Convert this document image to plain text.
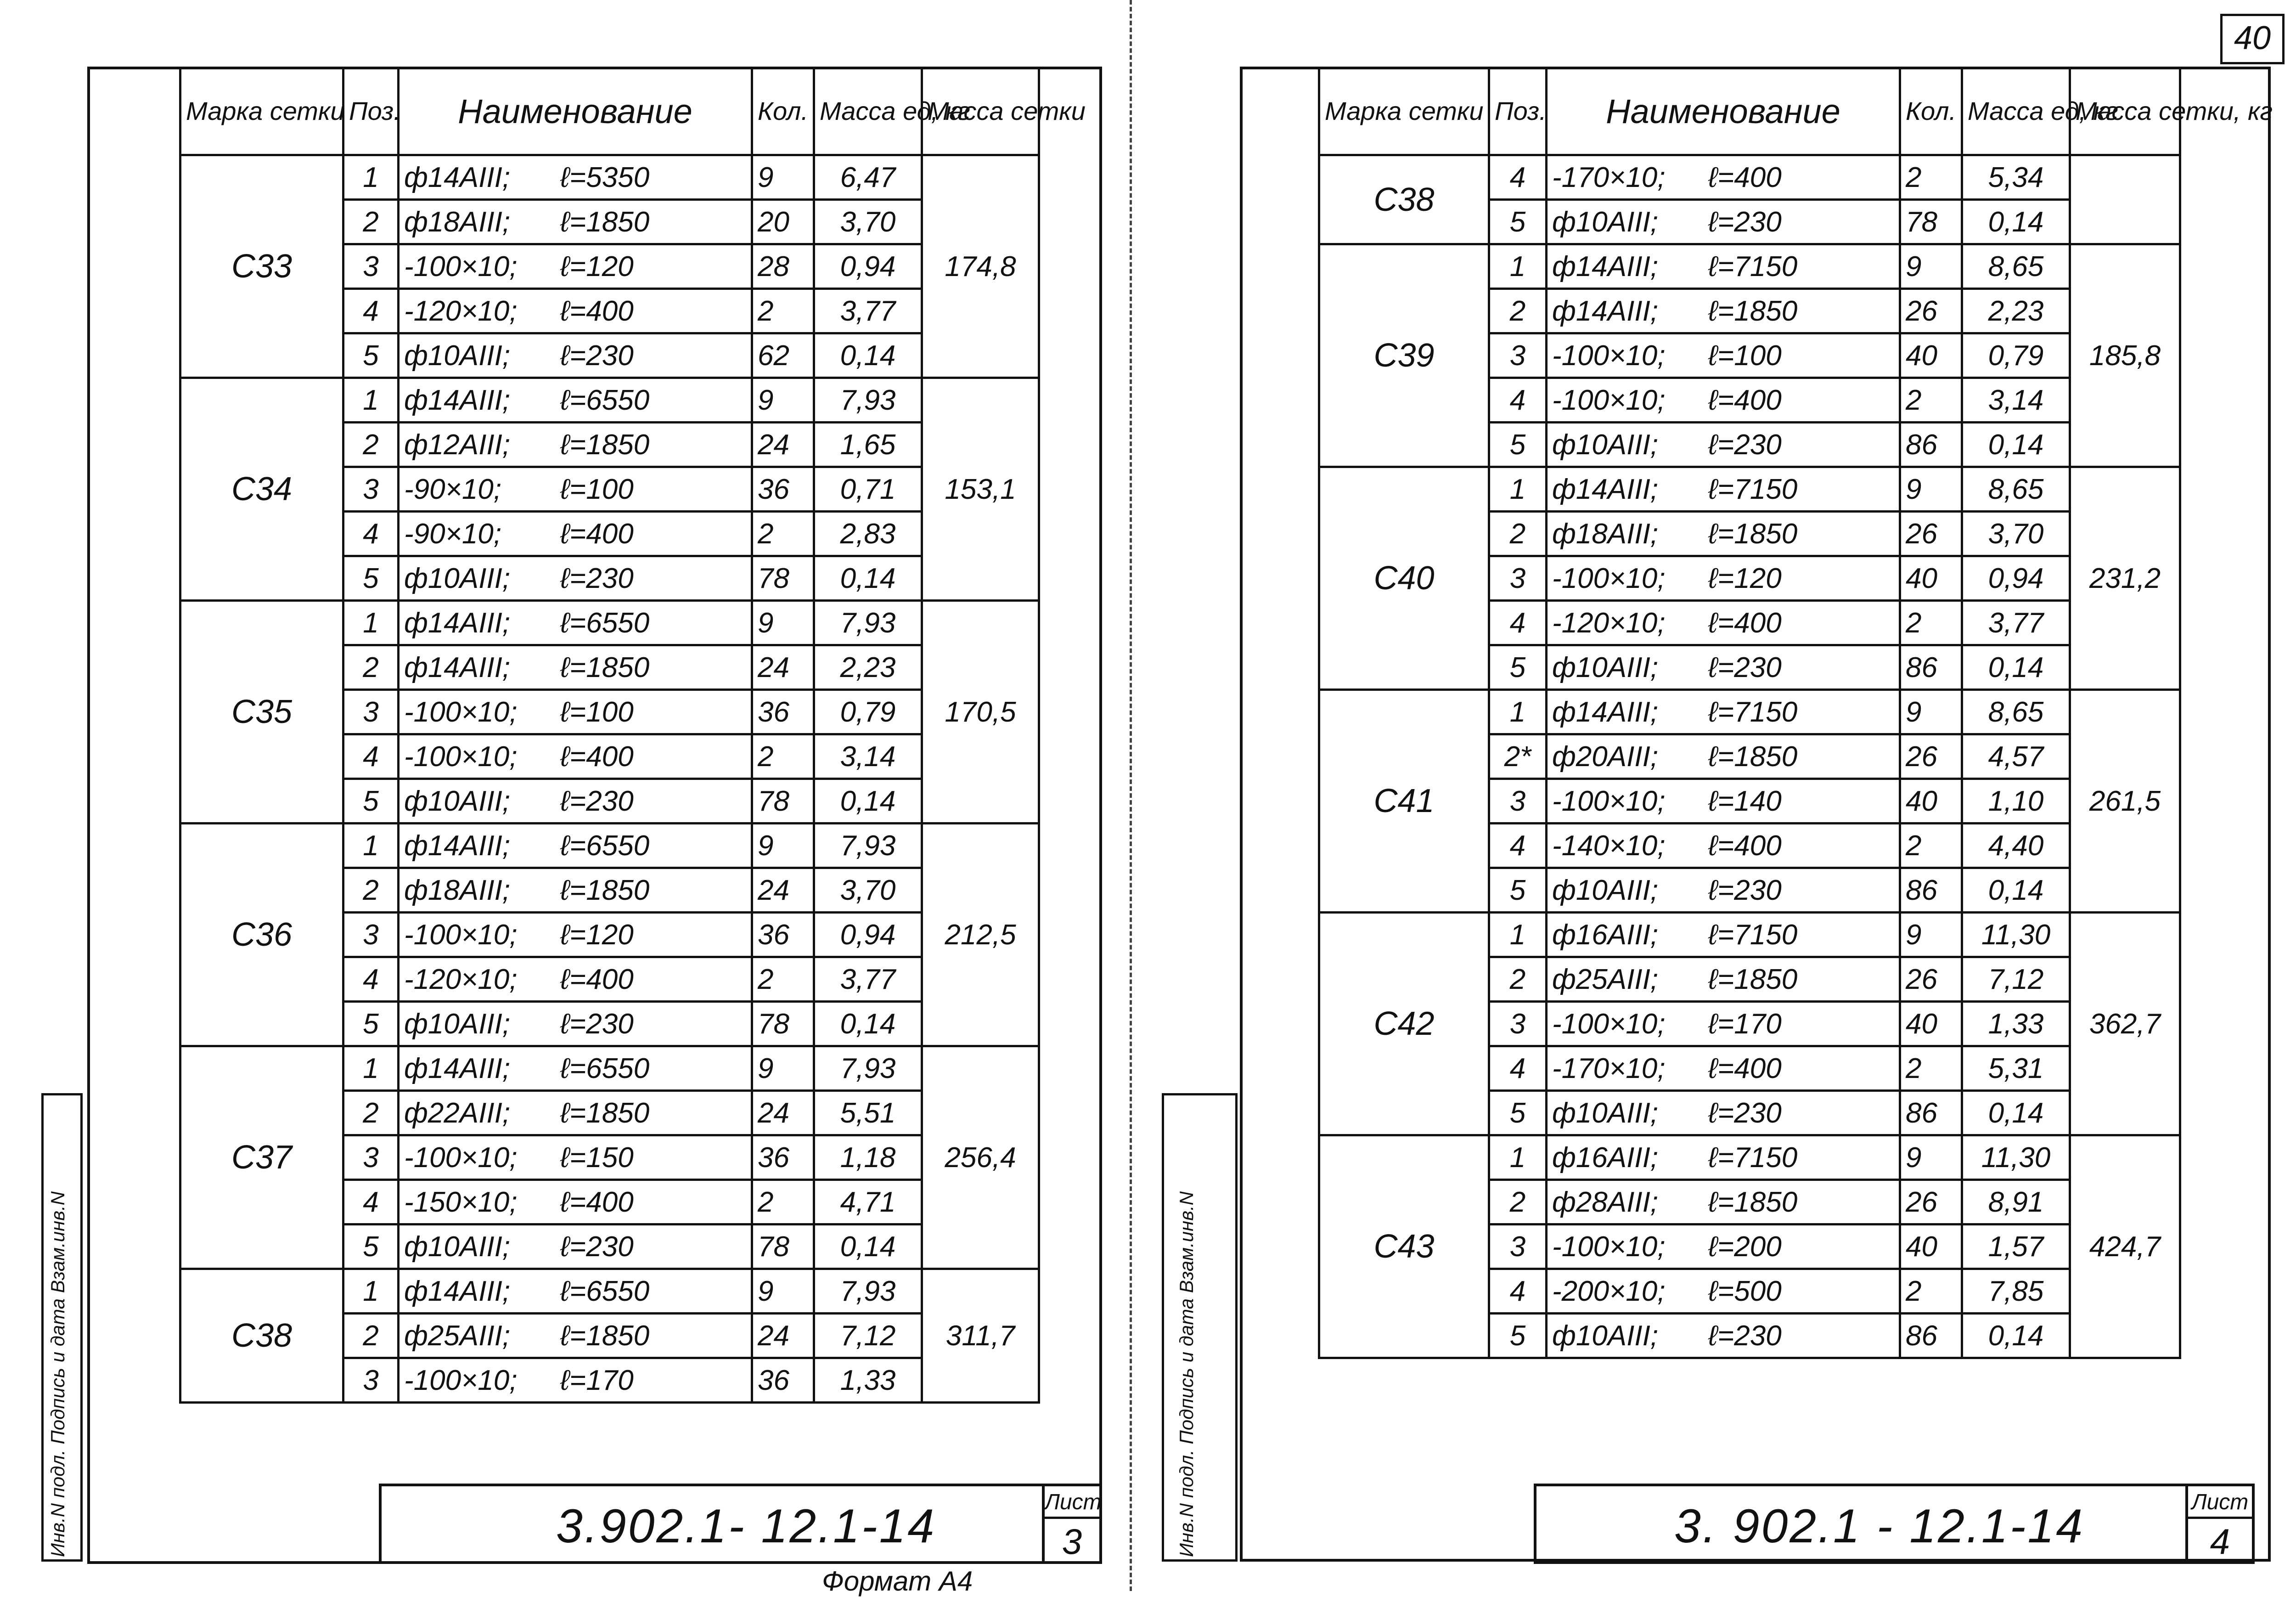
Марка сетки	Поз.	Наименование	Кол.	Масса ед, кг	Масса сетки
С33	1	ф14АIII; ℓ=5350	9	6,47	174,8
	2	ф18АIII; ℓ=1850	20	3,70	
	3	-100×10; ℓ=120	28	0,94	
	4	-120×10; ℓ=400	2	3,77	
	5	ф10АIII; ℓ=230	62	0,14	
С34	1	ф14АIII; ℓ=6550	9	7,93	153,1
	2	ф12АIII; ℓ=1850	24	1,65	
	3	-90×10; ℓ=100	36	0,71	
	4	-90×10; ℓ=400	2	2,83	
	5	ф10АIII; ℓ=230	78	0,14	
С35	1	ф14АIII; ℓ=6550	9	7,93	170,5
	2	ф14АIII; ℓ=1850	24	2,23	
	3	-100×10; ℓ=100	36	0,79	
	4	-100×10; ℓ=400	2	3,14	
	5	ф10АIII; ℓ=230	78	0,14	
С36	1	ф14АIII; ℓ=6550	9	7,93	212,5
	2	ф18АIII; ℓ=1850	24	3,70	
	3	-100×10; ℓ=120	36	0,94	
	4	-120×10; ℓ=400	2	3,77	
	5	ф10АIII; ℓ=230	78	0,14	
С37	1	ф14АIII; ℓ=6550	9	7,93	256,4
	2	ф22АIII; ℓ=1850	24	5,51	
	3	-100×10; ℓ=150	36	1,18	
	4	-150×10; ℓ=400	2	4,71	
	5	ф10АIII; ℓ=230	78	0,14	
С38	1	ф14АIII; ℓ=6550	9	7,93	311,7
	2	ф25АIII; ℓ=1850	24	7,12	
	3	-100×10; ℓ=170	36	1,33	
3.902.1- 12.1-14	Лист
3
Инв.N подл. Подпись и дата Взам.инв.N
Формат А4
40
Марка сетки	Поз.	Наименование	Кол.	Масса ед, кг	Масса сетки, кг
С38	4	-170×10; ℓ=400	2	5,34	
	5	ф10АIII; ℓ=230	78	0,14	
С39	1	ф14АIII; ℓ=7150	9	8,65	185,8
	2	ф14АIII; ℓ=1850	26	2,23	
	3	-100×10; ℓ=100	40	0,79	
	4	-100×10; ℓ=400	2	3,14	
	5	ф10АIII; ℓ=230	86	0,14	
С40	1	ф14АIII; ℓ=7150	9	8,65	231,2
	2	ф18АIII; ℓ=1850	26	3,70	
	3	-100×10; ℓ=120	40	0,94	
	4	-120×10; ℓ=400	2	3,77	
	5	ф10АIII; ℓ=230	86	0,14	
С41	1	ф14АIII; ℓ=7150	9	8,65	261,5
	2*	ф20АIII; ℓ=1850	26	4,57	
	3	-100×10; ℓ=140	40	1,10	
	4	-140×10; ℓ=400	2	4,40	
	5	ф10АIII; ℓ=230	86	0,14	
С42	1	ф16АIII; ℓ=7150	9	11,30	362,7
	2	ф25АIII; ℓ=1850	26	7,12	
	3	-100×10; ℓ=170	40	1,33	
	4	-170×10; ℓ=400	2	5,31	
	5	ф10АIII; ℓ=230	86	0,14	
С43	1	ф16АIII; ℓ=7150	9	11,30	424,7
	2	ф28АIII; ℓ=1850	26	8,91	
	3	-100×10; ℓ=200	40	1,57	
	4	-200×10; ℓ=500	2	7,85	
	5	ф10АIII; ℓ=230	86	0,14	
3. 902.1 - 12.1-14	Лист
4
Инв.N подл. Подпись и дата Взам.инв.N
